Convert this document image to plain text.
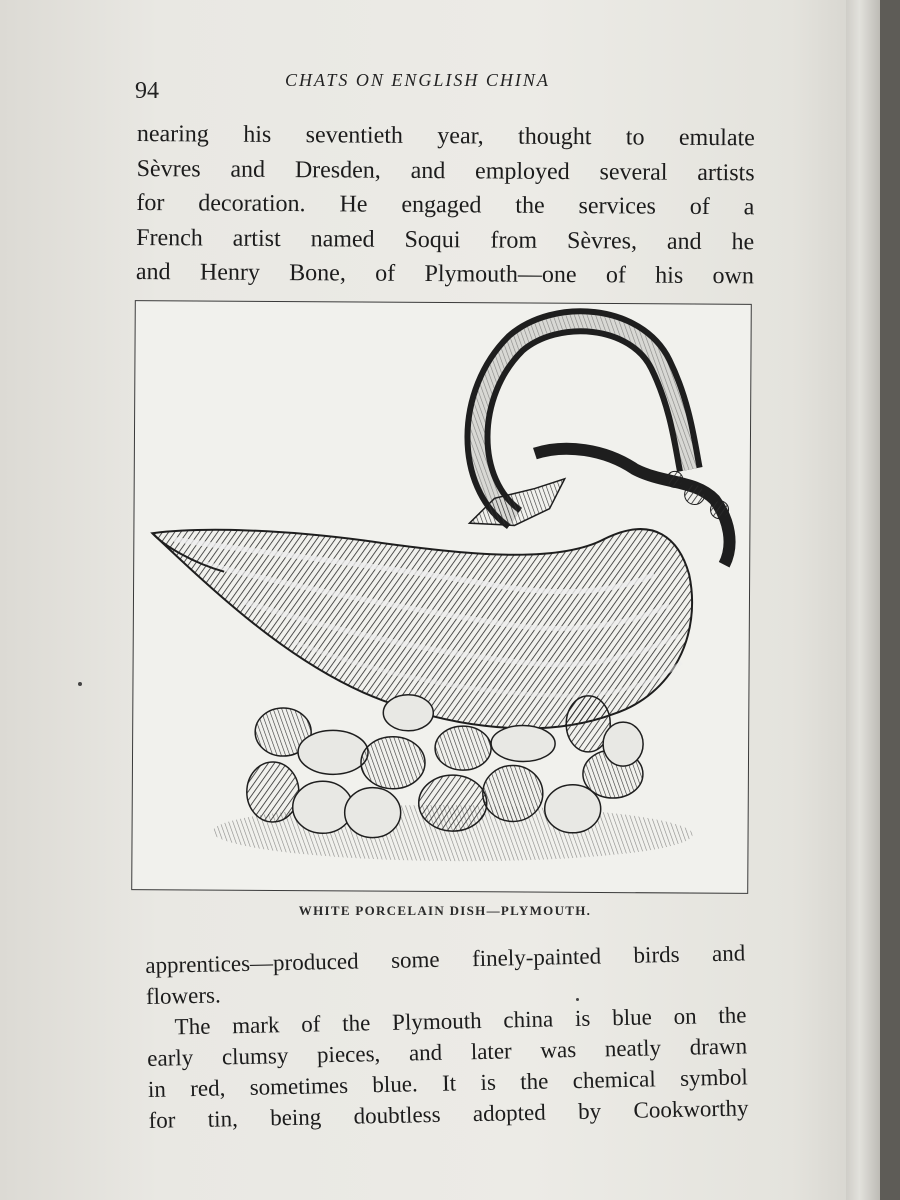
94	CHATS ON ENGLISH CHINA
nearing his seventieth year, thought to emulate
Sèvres and Dresden, and employed several artists
for decoration. He engaged the services of a
French artist named Soqui from Sèvres, and he
and Henry Bone, of Plymouth—one of his own
WHITE PORCELAIN DISH—PLYMOUTH.
apprentices—produced some finely-painted birds and
flowers.
The mark of the Plymouth china is blue on the
early clumsy pieces, and later was neatly drawn
in red, sometimes blue. It is the chemical symbol
for tin, being doubtless adopted by Cookworthy
